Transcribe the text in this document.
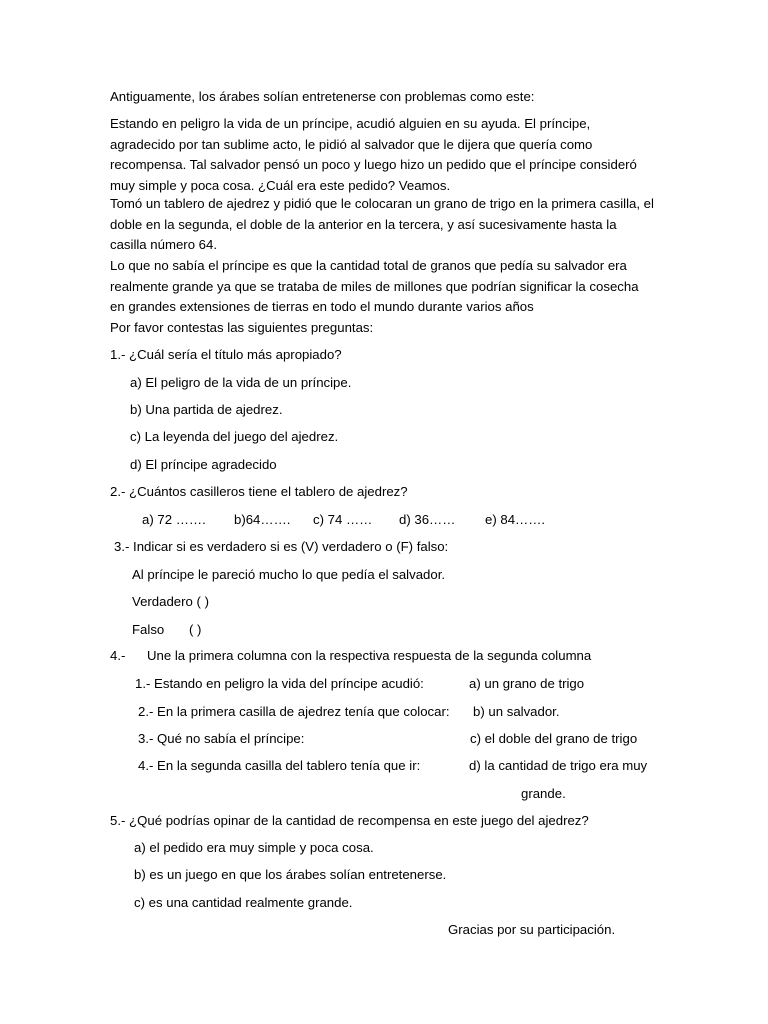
Antiguamente, los árabes solían entretenerse con problemas como este:
Estando en peligro la vida de un príncipe, acudió alguien en su ayuda. El príncipe, agradecido por tan sublime acto, le pidió al salvador que le dijera que quería como recompensa. Tal salvador pensó un poco y luego hizo un pedido que el príncipe consideró muy simple y poca cosa. ¿Cuál era este pedido? Veamos.
Tomó un tablero de ajedrez y pidió que le colocaran un grano de trigo en la primera casilla, el doble en la segunda, el doble de la anterior en la tercera, y así sucesivamente hasta la casilla número 64.
Lo que no sabía el príncipe es que la cantidad total de granos que pedía su salvador era realmente grande ya que se trataba de miles de millones que podrían significar la cosecha en grandes extensiones de tierras en todo el mundo durante varios años
Por favor contestas las siguientes preguntas:
1.- ¿Cuál sería el título más apropiado?
a) El peligro de la vida de un príncipe.
b) Una partida de ajedrez.
c) La leyenda del juego del ajedrez.
d) El príncipe agradecido
2.- ¿Cuántos casilleros tiene el tablero de ajedrez?
a) 72 ……. b)64……. c) 74 …… d) 36…… e) 84…….
3.- Indicar si es verdadero si es (V) verdadero o (F) falso:
Al príncipe le pareció mucho lo que pedía el salvador.
Verdadero ( )
Falso ( )
4.- Une la primera columna con la respectiva respuesta de la segunda columna
1.- Estando en peligro la vida del príncipe acudió:	a) un grano de trigo
2.- En la primera casilla de ajedrez tenía que colocar: b) un salvador.
3.- Qué no sabía el príncipe:	c) el doble del grano de trigo
4.- En la segunda casilla del tablero tenía que ir:	d) la cantidad de trigo era muy
grande.
5.- ¿Qué podrías opinar de la cantidad de recompensa en este juego del ajedrez?
a) el pedido era muy simple y poca cosa.
b) es un juego en que los árabes solían entretenerse.
c) es una cantidad realmente grande.
Gracias por su participación.
